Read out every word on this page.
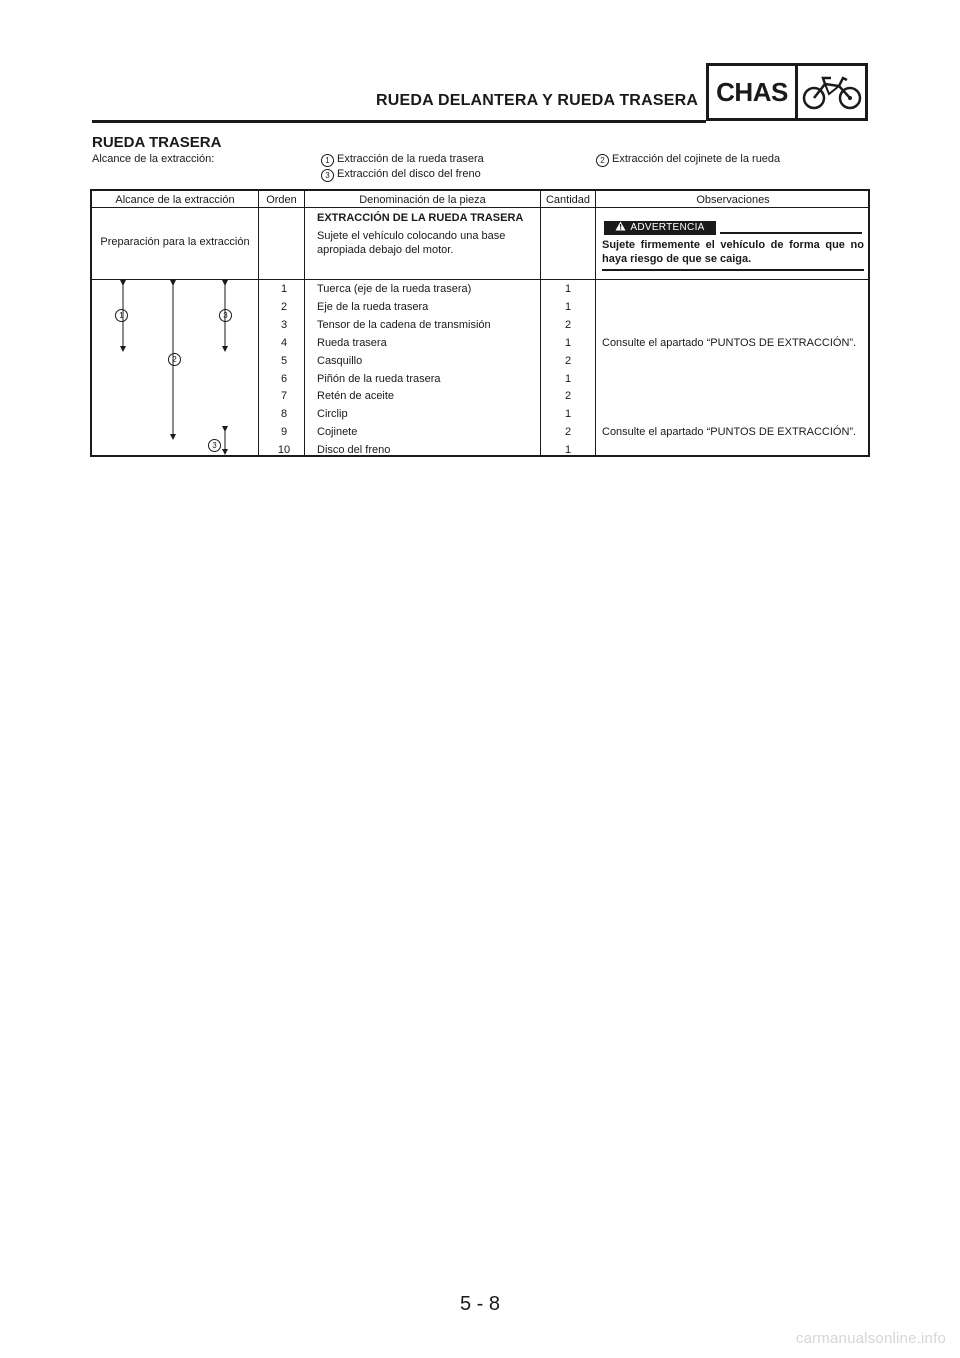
RUEDA DELANTERA Y RUEDA TRASERA CHAS
RUEDA TRASERA
Alcance de la extracción:	1 Extracción de la rueda trasera	2 Extracción del cojinete de la rueda
3 Extracción del disco del freno
Alcance de la extracción	Orden	Denominación de la pieza	Cantidad	Observaciones
Preparación para la extracción
EXTRACCIÓN DE LA RUEDA TRASERA
Sujete el vehículo colocando una base
apropiada debajo del motor.
ADVERTENCIA
Sujete firmemente el vehículo de forma que no haya riesgo de que se caiga.
1	3
2
3
1	Tuerca (eje de la rueda trasera)	1
2	Eje de la rueda trasera	1
3	Tensor de la cadena de transmisión	2
4	Rueda trasera	1	Consulte el apartado “PUNTOS DE EXTRACCIÓN”.
5	Casquillo	2
6	Piñón de la rueda trasera	1
7	Retén de aceite	2
8	Circlip	1
9	Cojinete	2	Consulte el apartado “PUNTOS DE EXTRACCIÓN”.
10	Disco del freno	1
5 - 8
carmanualsonline.info
